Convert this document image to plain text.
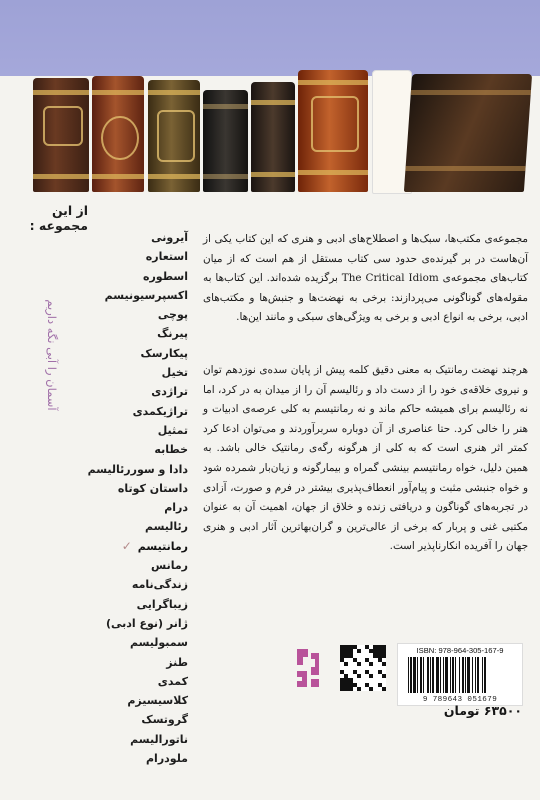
از این مجموعه :
آیرونی
استعاره
اسطوره
اکسپرسیونیسم
پوچی
پیرنگ
پیکارسک
تخیل
تراژدی
تراژیکمدی
تمثیل
خطابه
دادا و سوررئالیسم
داستان کوتاه
درام
رئالیسم
رمانتیسم✓
رمانس
زندگی‌نامه
زیباگرایی
ژانر (نوع ادبی)
سمبولیسم
طنز
کمدی
کلاسیسیزم
گروتسک
ناتورالیسم
ملودرام
آسمان را آبی نگه داریم

مجموعه‌ی مکتب‌ها، سبک‌ها و اصطلاح‌های ادبی و هنری که این کتاب یکی از آن‌هاست در بر گیرنده‌ی حدود سی کتاب مستقل از هم است که از میان کتاب‌های مجموعه‌ی The Critical Idiom برگزیده شده‌اند. این کتاب‌ها به مقوله‌های گوناگونی می‌پردازند: برخی به نهضت‌ها و جنبش‌ها و مکتب‌های ادبی، برخی به انواع ادبی و برخی به ویژگی‌های سبکی و مانند این‌ها.

هرچند نهضت رمانتیک به معنی دقیق کلمه پیش از پایان سده‌ی نوزدهم توان و نیروی خلاقه‌ی خود را از دست داد و رئالیسم آن را از میدان به در کرد، اما نه رئالیسم برای همیشه حاکم ماند و نه رمانتیسم به کلی عرصه‌ی ادبیات و هنر را خالی کرد. حتا عناصری از آن دوباره سربرآوردند و می‌توان ادعا کرد کمتر اثر هنری است که به کلی از هرگونه رگه‌ی رمانتیک خالی باشد. به همین دلیل، خواه رمانتیسم بینشی گمراه و بیمارگونه و زیان‌بار شمرده شود و خواه جنبشی مثبت و پیام‌آور انعطاف‌پذیری بیشتر در فرم و صورت، آزادی در تجربه‌های گوناگون و دریافتی زنده و خلاق از جهان، اهمیت آن به عنوان مکتبی غنی و پربار که برخی از عالی‌ترین و گران‌بهاترین آثار ادبی و هنری جهان را آفریده انکارناپذیر است.

ISBN: 978-964-305-167-9
9 789643 051679
۶۳۵۰۰ تومان
